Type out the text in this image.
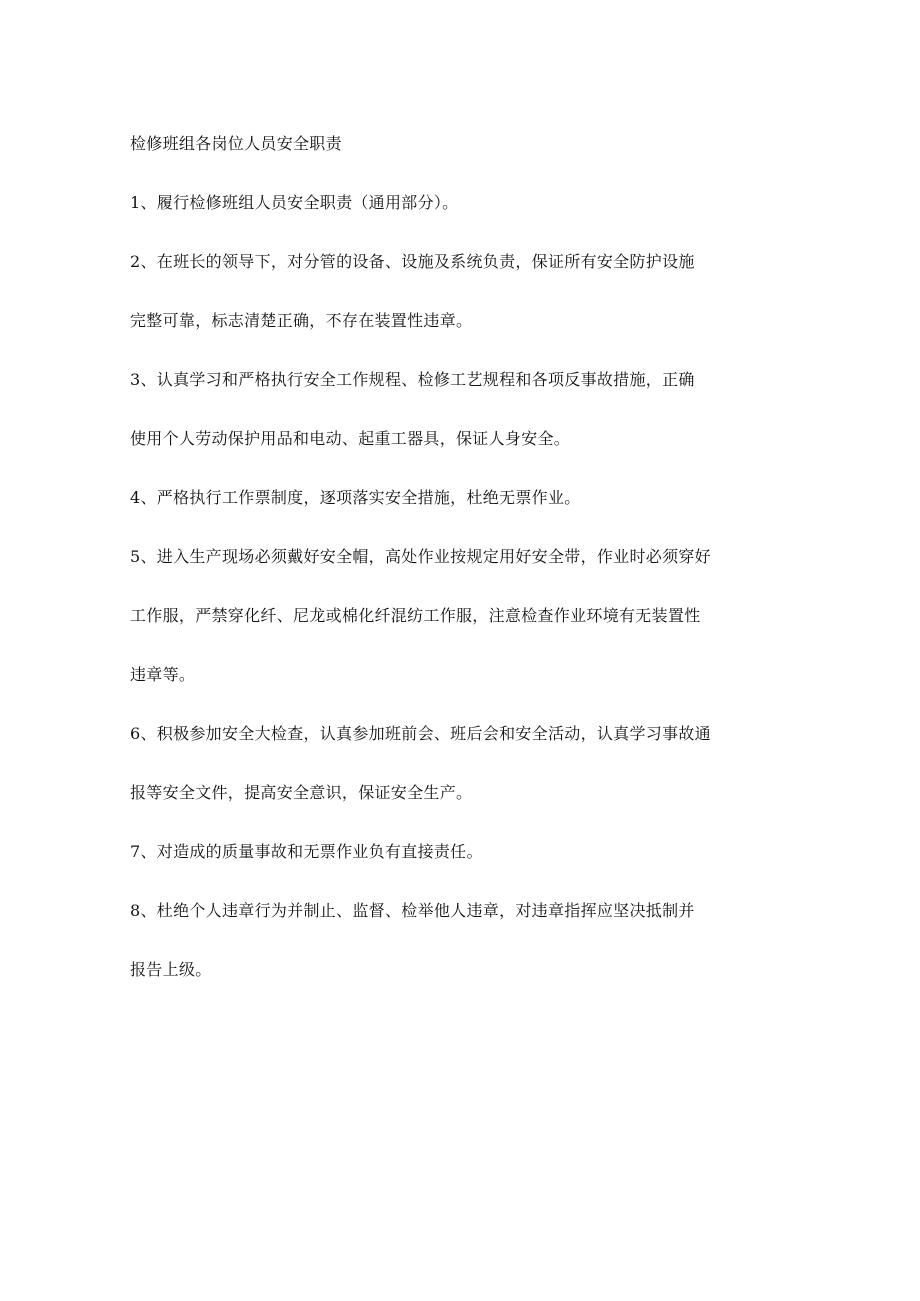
检修班组各岗位人员安全职责
1、履行检修班组人员安全职责（通用部分）。
2、在班长的领导下，对分管的设备、设施及系统负责，保证所有安全防护设施
完整可靠，标志清楚正确，不存在装置性违章。
3、认真学习和严格执行安全工作规程、检修工艺规程和各项反事故措施，正确
使用个人劳动保护用品和电动、起重工器具，保证人身安全。
4、严格执行工作票制度，逐项落实安全措施，杜绝无票作业。
5、进入生产现场必须戴好安全帽，高处作业按规定用好安全带，作业时必须穿好
工作服，严禁穿化纤、尼龙或棉化纤混纺工作服，注意检查作业环境有无装置性
违章等。
6、积极参加安全大检查，认真参加班前会、班后会和安全活动，认真学习事故通
报等安全文件，提高安全意识，保证安全生产。
7、对造成的质量事故和无票作业负有直接责任。
8、杜绝个人违章行为并制止、监督、检举他人违章，对违章指挥应坚决抵制并
报告上级。
